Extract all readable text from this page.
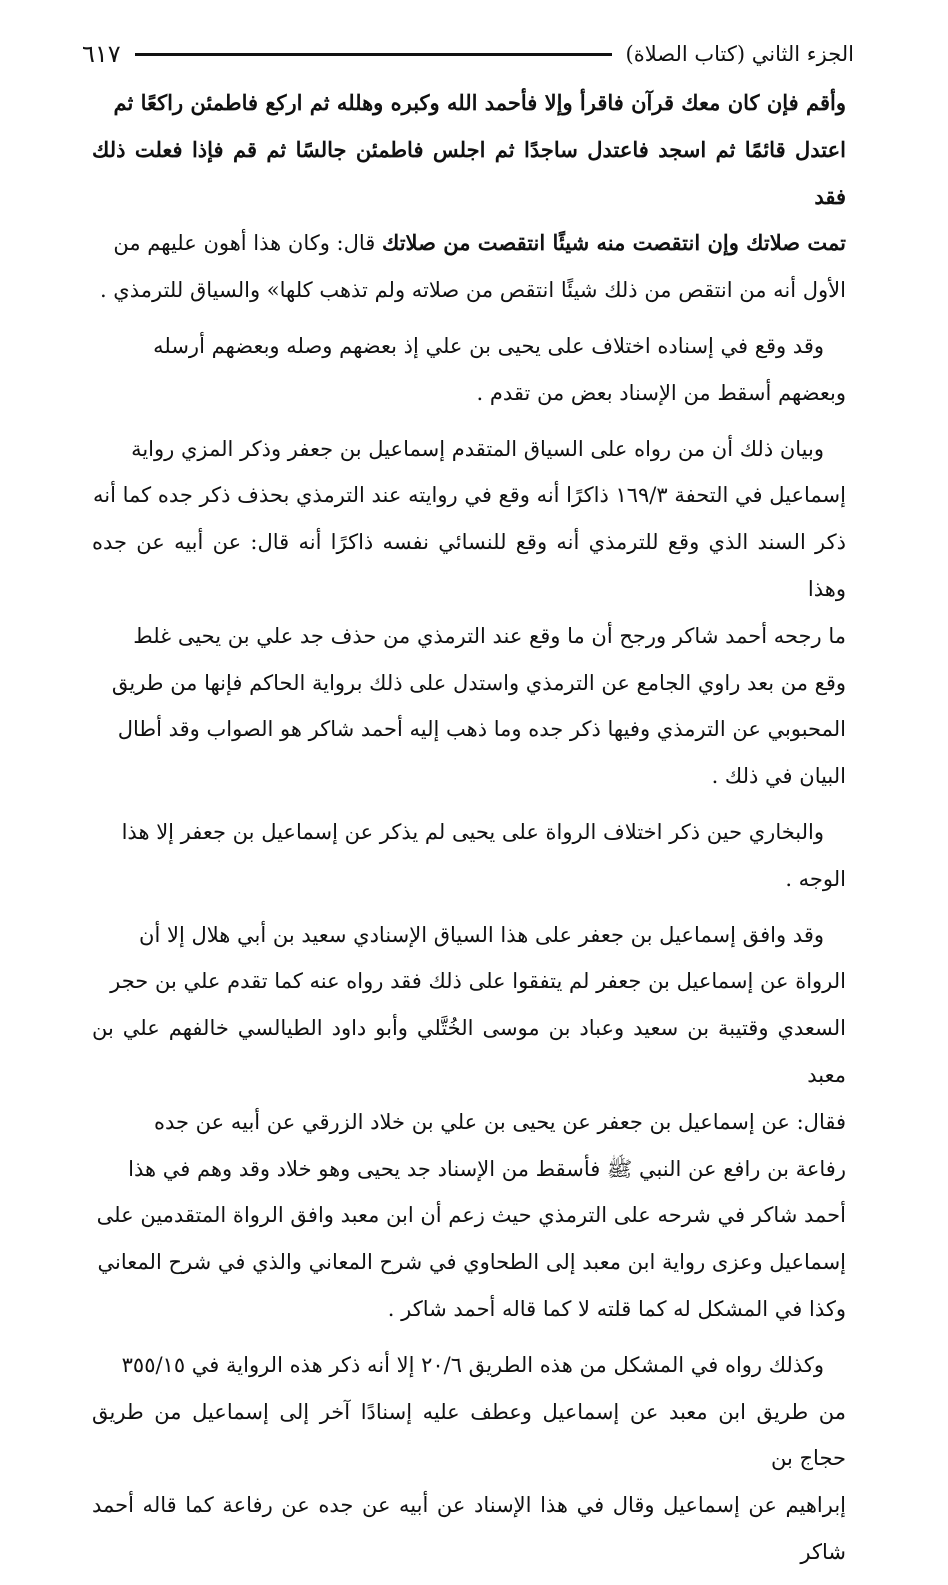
٦١٧	الجزء الثاني (كتاب الصلاة)
وأقم فإن كان معك قرآن فاقرأ وإلا فأحمد الله وكبره وهلله ثم اركع فاطمئن راكعًا ثم
اعتدل قائمًا ثم اسجد فاعتدل ساجدًا ثم اجلس فاطمئن جالسًا ثم قم فإذا فعلت ذلك فقد
تمت صلاتك وإن انتقصت منه شيئًا انتقصت من صلاتك قال: وكان هذا أهون عليهم من
الأول أنه من انتقص من ذلك شيئًا انتقص من صلاته ولم تذهب كلها» والسياق للترمذي .
وقد وقع في إسناده اختلاف على يحيى بن علي إذ بعضهم وصله وبعضهم أرسله
وبعضهم أسقط من الإسناد بعض من تقدم .
وبيان ذلك أن من رواه على السياق المتقدم إسماعيل بن جعفر وذكر المزي رواية
إسماعيل في التحفة ١٦٩/٣ ذاكرًا أنه وقع في روايته عند الترمذي بحذف ذكر جده كما أنه
ذكر السند الذي وقع للترمذي أنه وقع للنسائي نفسه ذاكرًا أنه قال: عن أبيه عن جده وهذا
ما رجحه أحمد شاكر ورجح أن ما وقع عند الترمذي من حذف جد علي بن يحيى غلط
وقع من بعد راوي الجامع عن الترمذي واستدل على ذلك برواية الحاكم فإنها من طريق
المحبوبي عن الترمذي وفيها ذكر جده وما ذهب إليه أحمد شاكر هو الصواب وقد أطال
البيان في ذلك .
والبخاري حين ذكر اختلاف الرواة على يحيى لم يذكر عن إسماعيل بن جعفر إلا هذا
الوجه .
وقد وافق إسماعيل بن جعفر على هذا السياق الإسنادي سعيد بن أبي هلال إلا أن
الرواة عن إسماعيل بن جعفر لم يتفقوا على ذلك فقد رواه عنه كما تقدم علي بن حجر
السعدي وقتيبة بن سعيد وعباد بن موسى الخُتَّلي وأبو داود الطيالسي خالفهم علي بن معبد
فقال: عن إسماعيل بن جعفر عن يحيى بن علي بن خلاد الزرقي عن أبيه عن جده
رفاعة بن رافع عن النبي ﷺ فأسقط من الإسناد جد يحيى وهو خلاد وقد وهم في هذا
أحمد شاكر في شرحه على الترمذي حيث زعم أن ابن معبد وافق الرواة المتقدمين على
إسماعيل وعزى رواية ابن معبد إلى الطحاوي في شرح المعاني والذي في شرح المعاني
وكذا في المشكل له كما قلته لا كما قاله أحمد شاكر .
وكذلك رواه في المشكل من هذه الطريق ٢٠/٦ إلا أنه ذكر هذه الرواية في ٣٥٥/١٥
من طريق ابن معبد عن إسماعيل وعطف عليه إسنادًا آخر إلى إسماعيل من طريق حجاج بن
إبراهيم عن إسماعيل وقال في هذا الإسناد عن أبيه عن جده عن رفاعة كما قاله أحمد شاكر
